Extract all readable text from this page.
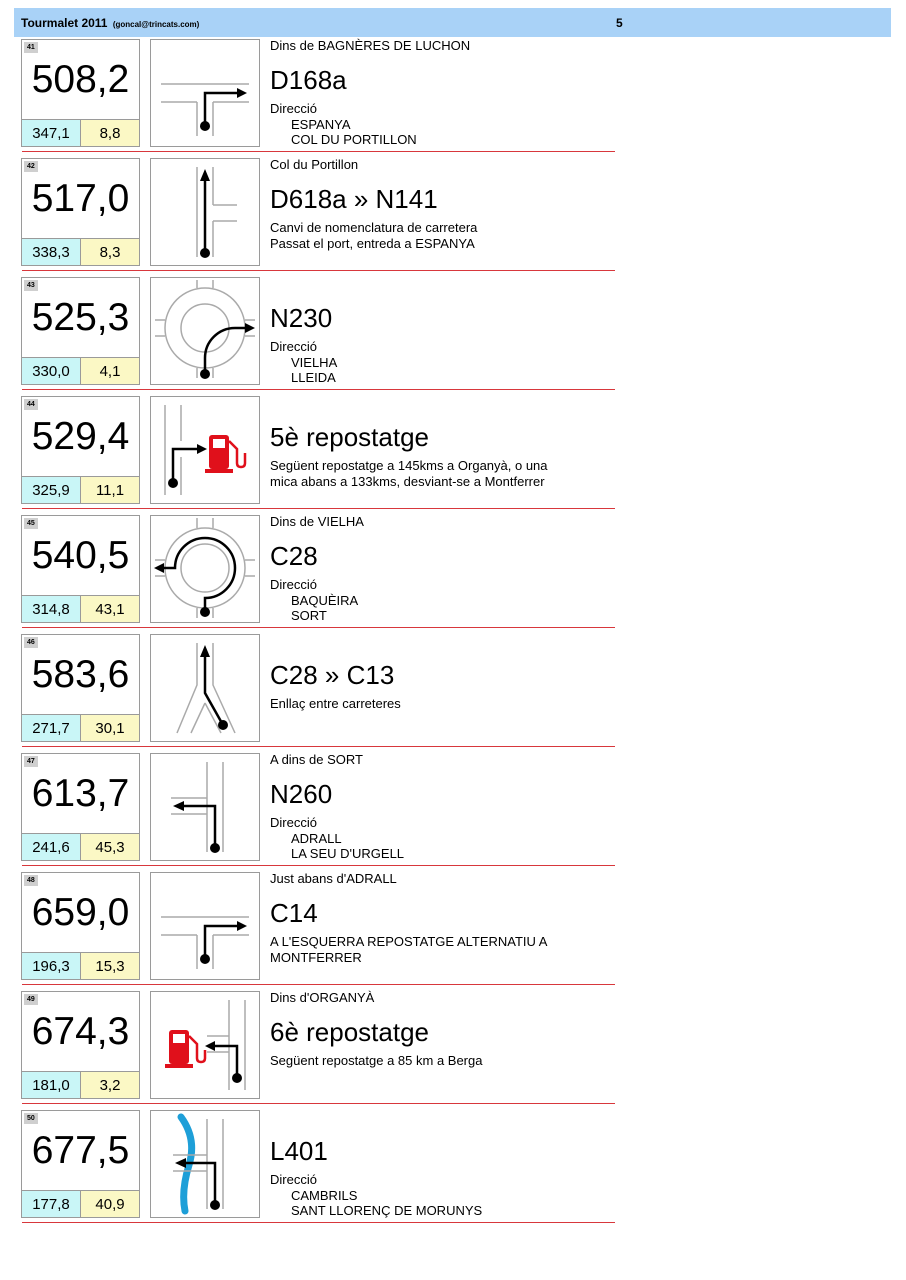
Tourmalet 2011 (goncal@trincats.com)	5
41
508,2
347,1	8,8
Dins de BAGNÈRES DE LUCHON
D168a
Direcció
ESPANYA
COL DU PORTILLON
42
517,0
338,3	8,3
Col du Portillon
D618a » N141
Canvi de nomenclatura de carretera
Passat el port, entreda a ESPANYA
43
525,3
330,0	4,1
N230
Direcció
VIELHA
LLEIDA
44
529,4
325,9	11,1
5è repostatge
Següent repostatge a 145kms a Organyà, o una
mica abans a 133kms, desviant-se a Montferrer
45
540,5
314,8	43,1
Dins de VIELHA
C28
Direcció
BAQUÈIRA
SORT
46
583,6
271,7	30,1
C28 » C13
Enllaç entre carreteres
47
613,7
241,6	45,3
A dins de SORT
N260
Direcció
ADRALL
LA SEU D'URGELL
48
659,0
196,3	15,3
Just abans d'ADRALL
C14
A L'ESQUERRA REPOSTATGE ALTERNATIU A
MONTFERRER
49
674,3
181,0	3,2
Dins d'ORGANYÀ
6è repostatge
Següent repostatge a 85 km a Berga
50
677,5
177,8	40,9
L401
Direcció
CAMBRILS
SANT LLORENÇ DE MORUNYS
